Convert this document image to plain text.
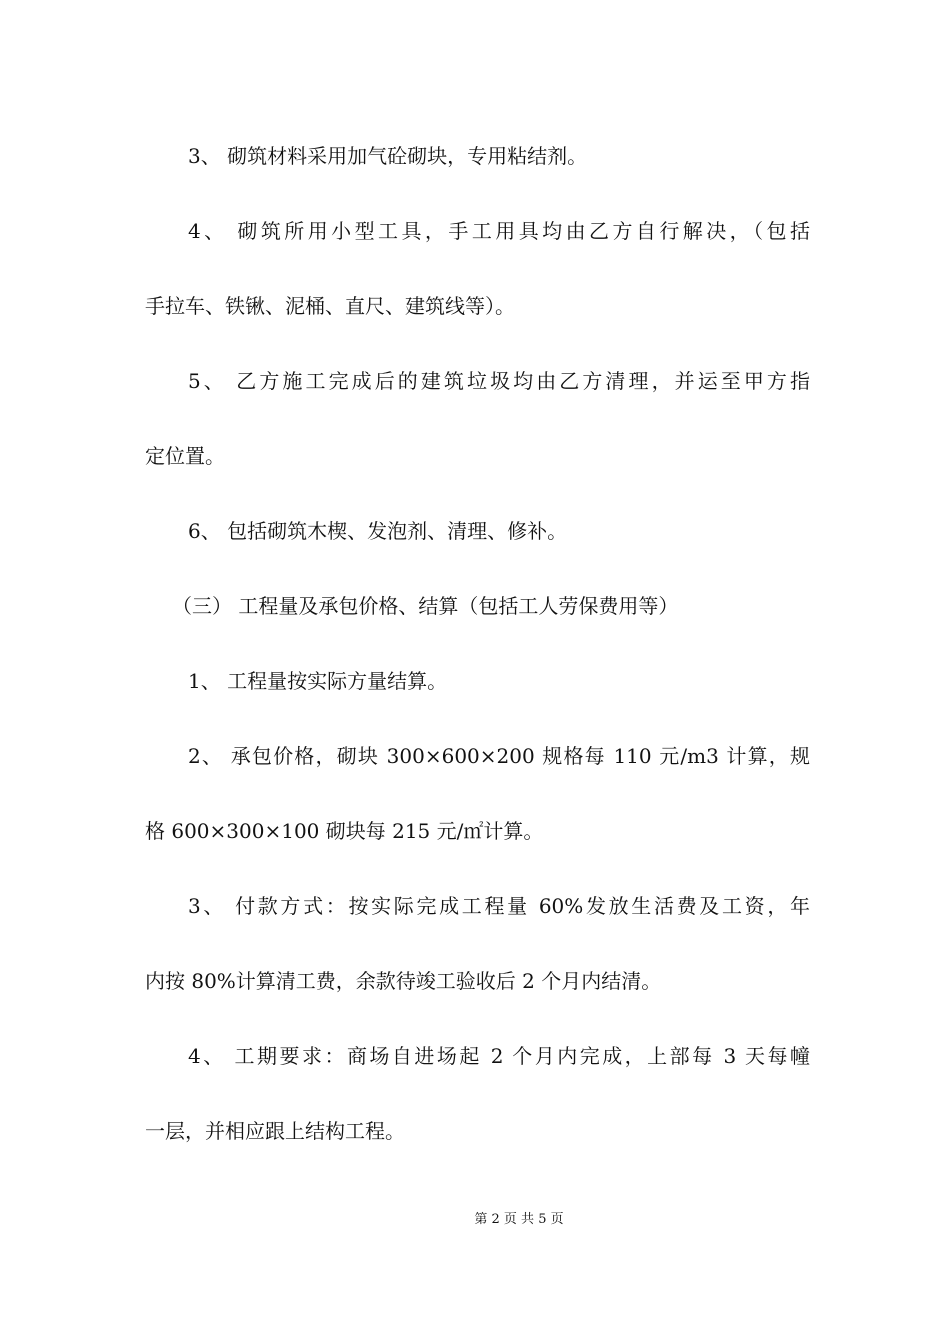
3、 砌筑材料采用加气砼砌块，专用粘结剂。
4、 砌筑所用小型工具，手工用具均由乙方自行解决，（包括
手拉车、铁锹、泥桶、直尺、建筑线等）。
5、 乙方施工完成后的建筑垃圾均由乙方清理，并运至甲方指
定位置。
6、 包括砌筑木楔、发泡剂、清理、修补。
（三） 工程量及承包价格、结算（包括工人劳保费用等）
1、 工程量按实际方量结算。
2、 承包价格，砌块 300×600×200 规格每 110 元/m3 计算，规
格 600×300×100 砌块每 215 元/㎡计算。
3、 付款方式：按实际完成工程量 60%发放生活费及工资，年
内按 80%计算清工费，余款待竣工验收后 2 个月内结清。
4、 工期要求：商场自进场起 2 个月内完成，上部每 3 天每幢
一层，并相应跟上结构工程。
第 2 页 共 5 页
